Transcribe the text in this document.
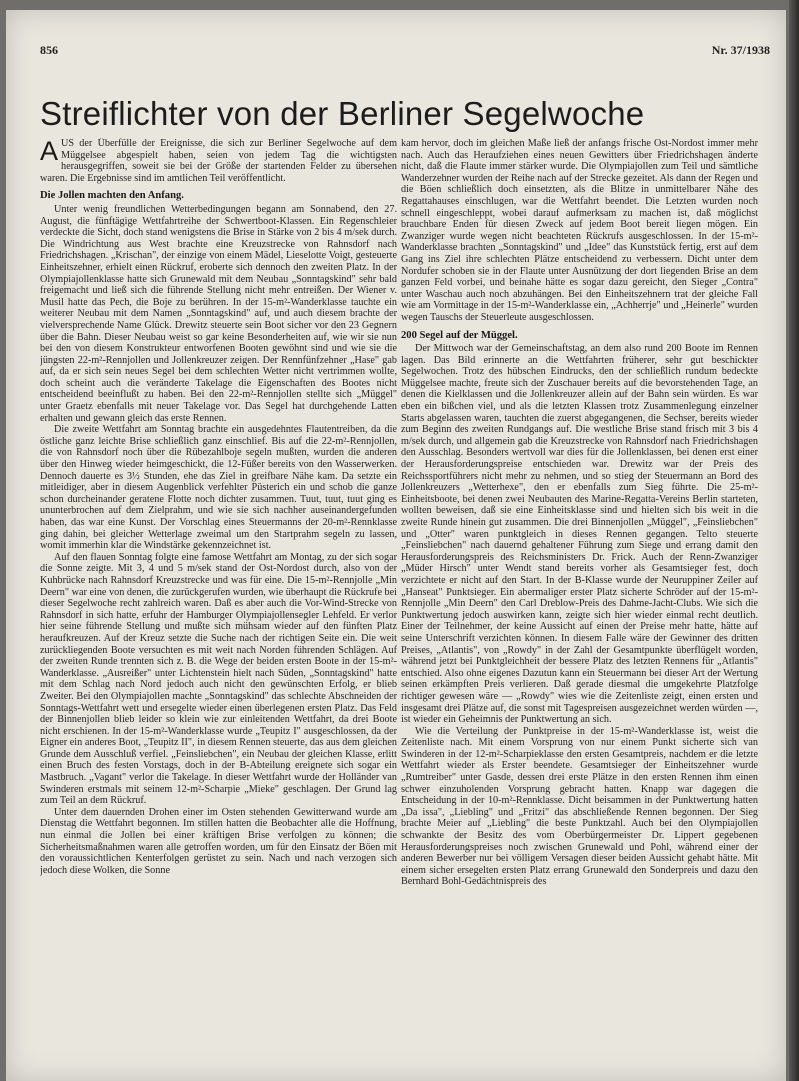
856	Nr. 37/1938
Streiflichter von der Berliner Segelwoche

AUS der Überfülle der Ereignisse, die sich zur Berliner Segelwoche auf dem Müggelsee abgespielt haben, seien von jedem Tag die wichtigsten herausgegriffen, soweit sie bei der Größe der startenden Felder zu übersehen waren. Die Ergebnisse sind im amtlichen Teil veröffentlicht.

Die Jollen machten den Anfang.

Unter wenig freundlichen Wetterbedingungen begann am Sonnabend, den 27. August, die fünftägige Wettfahrtreihe der Schwertboot-Klassen. Ein Regenschleier verdeckte die Sicht, doch stand wenigstens die Brise in Stärke von 2 bis 4 m/sek durch. Die Windrichtung aus West brachte eine Kreuzstrecke von Rahnsdorf nach Friedrichshagen. „Krischan", der einzige von einem Mädel, Lieselotte Voigt, gesteuerte Einheitszehner, erhielt einen Rückruf, eroberte sich dennoch den zweiten Platz. In der Olympiajollenklasse hatte sich Grunewald mit dem Neubau „Sonntagskind" sehr bald freigemacht und ließ sich die führende Stellung nicht mehr entreißen. Der Wiener v. Musil hatte das Pech, die Boje zu berühren. In der 15-m²-Wanderklasse tauchte ein weiterer Neubau mit dem Namen „Sonntagskind" auf, und auch diesem brachte der vielversprechende Name Glück. Drewitz steuerte sein Boot sicher vor den 23 Gegnern über die Bahn. Dieser Neubau weist so gar keine Besonderheiten auf, wie wir sie nun bei den von diesem Konstrukteur entworfenen Booten gewöhnt sind und wie sie die jüngsten 22-m²-Rennjollen und Jollenkreuzer zeigen. Der Rennfünfzehner „Hase" gab auf, da er sich sein neues Segel bei dem schlechten Wetter nicht vertrimmen wollte, doch scheint auch die veränderte Takelage die Eigenschaften des Bootes nicht entscheidend beeinflußt zu haben. Bei den 22-m²-Rennjollen stellte sich „Müggel" unter Graetz ebenfalls mit neuer Takelage vor. Das Segel hat durchgehende Latten erhalten und gewann gleich das erste Rennen.

Die zweite Wettfahrt am Sonntag brachte ein ausgedehntes Flautentreiben, da die östliche ganz leichte Brise schließlich ganz einschlief. Bis auf die 22-m²-Rennjollen, die von Rahnsdorf noch über die Rübezahlboje segeln mußten, wurden die anderen über den Hinweg wieder heimgeschickt, die 12-Füßer bereits von den Wasserwerken. Dennoch dauerte es 3½ Stunden, ehe das Ziel in greifbare Nähe kam. Da setzte ein mitleidiger, aber in diesem Augenblick verfehlter Püsterich ein und schob die ganze schon durcheinander geratene Flotte noch dichter zusammen. Tuut, tuut, tuut ging es ununterbrochen auf dem Zielprahm, und wie sie sich nachher auseinandergefunden haben, das war eine Kunst. Der Vorschlag eines Steuermanns der 20-m²-Rennklasse ging dahin, bei gleicher Wetterlage zweimal um den Startprahm segeln zu lassen, womit immerhin klar die Windstärke gekennzeichnet ist.

Auf den flauen Sonntag folgte eine famose Wettfahrt am Montag, zu der sich sogar die Sonne zeigte. Mit 3, 4 und 5 m/sek stand der Ost-Nordost durch, also von der Kuhbrücke nach Rahnsdorf Kreuzstrecke und was für eine. Die 15-m²-Rennjolle „Min Deern" war eine von denen, die zurückgerufen wurden, wie überhaupt die Rückrufe bei dieser Segelwoche recht zahlreich waren. Daß es aber auch die Vor-Wind-Strecke von Rahnsdorf in sich hatte, erfuhr der Hamburger Olympiajollensegler Lehfeld. Er verlor hier seine führende Stellung und mußte sich mühsam wieder auf den fünften Platz heraufkreuzen. Auf der Kreuz setzte die Suche nach der richtigen Seite ein. Die weit zurückliegenden Boote versuchten es mit weit nach Norden führenden Schlägen. Auf der zweiten Runde trennten sich z. B. die Wege der beiden ersten Boote in der 15-m²-Wanderklasse. „Ausreißer" unter Lichtenstein hielt nach Süden, „Sonntagskind" hatte mit dem Schlag nach Nord jedoch auch nicht den gewünschten Erfolg, er blieb Zweiter. Bei den Olympiajollen machte „Sonntagskind" das schlechte Abschneiden der Sonntags-Wettfahrt wett und ersegelte wieder einen überlegenen ersten Platz. Das Feld der Binnenjollen blieb leider so klein wie zur einleitenden Wettfahrt, da drei Boote nicht erschienen. In der 15-m²-Wanderklasse wurde „Teupitz I" ausgeschlossen, da der Eigner ein anderes Boot, „Teupitz II", in diesem Rennen steuerte, das aus dem gleichen Grunde dem Ausschluß verfiel. „Feinsliebchen", ein Neubau der gleichen Klasse, erlitt einen Bruch des festen Vorstags, doch in der B-Abteilung ereignete sich sogar ein Mastbruch. „Vagant" verlor die Takelage. In dieser Wettfahrt wurde der Holländer van Swinderen erstmals mit seinem 12-m²-Scharpie „Mieke" geschlagen. Der Grund lag zum Teil an dem Rückruf.

Unter dem dauernden Drohen einer im Osten stehenden Gewitterwand wurde am Dienstag die Wettfahrt begonnen. Im stillen hatten die Beobachter alle die Hoffnung, nun einmal die Jollen bei einer kräftigen Brise verfolgen zu können; die Sicherheitsmaßnahmen waren alle getroffen worden, um für den Einsatz der Böen mit den voraussichtlichen Kenterfolgen gerüstet zu sein. Nach und nach verzogen sich jedoch diese Wolken, die Sonne

kam hervor, doch im gleichen Maße ließ der anfangs frische Ost-Nordost immer mehr nach. Auch das Heraufziehen eines neuen Gewitters über Friedrichshagen änderte nicht, daß die Flaute immer stärker wurde. Die Olympiajollen zum Teil und sämtliche Wanderzehner wurden der Reihe nach auf der Strecke gezeitet. Als dann der Regen und die Böen schließlich doch einsetzten, als die Blitze in unmittelbarer Nähe des Regattahauses einschlugen, war die Wettfahrt beendet. Die Letzten wurden noch schnell eingeschleppt, wobei darauf aufmerksam zu machen ist, daß möglichst brauchbare Enden für diesen Zweck auf jedem Boot bereit liegen mögen. Ein Zwanziger wurde wegen nicht beachteten Rückrufs ausgeschlossen. In der 15-m²-Wanderklasse brachten „Sonntagskind" und „Idee" das Kunststück fertig, erst auf dem Gang ins Ziel ihre schlechten Plätze entscheidend zu verbessern. Dicht unter dem Nordufer schoben sie in der Flaute unter Ausnützung der dort liegenden Brise an dem ganzen Feld vorbei, und beinahe hätte es sogar dazu gereicht, den Sieger „Contra" unter Waschau auch noch abzuhängen. Bei den Einheitszehnern trat der gleiche Fall wie am Vormittage in der 15-m²-Wanderklasse ein, „Achherrje" und „Heinerle" wurden wegen Tauschs der Steuerleute ausgeschlossen.

200 Segel auf der Müggel.

Der Mittwoch war der Gemeinschaftstag, an dem also rund 200 Boote im Rennen lagen. Das Bild erinnerte an die Wettfahrten früherer, sehr gut beschickter Segelwochen. Trotz des hübschen Eindrucks, den der schließlich rundum bedeckte Müggelsee machte, freute sich der Zuschauer bereits auf die bevorstehenden Tage, an denen die Kielklassen und die Jollenkreuzer allein auf der Bahn sein würden. Es war eben ein bißchen viel, und als die letzten Klassen trotz Zusammenlegung einzelner Starts abgelassen waren, tauchten die zuerst abgegangenen, die Sechser, bereits wieder zum Beginn des zweiten Rundgangs auf. Die westliche Brise stand frisch mit 3 bis 4 m/sek durch, und allgemein gab die Kreuzstrecke von Rahnsdorf nach Friedrichshagen den Ausschlag. Besonders wertvoll war dies für die Jollenklassen, bei denen erst einer der Herausforderungspreise entschieden war. Drewitz war der Preis des Reichssportführers nicht mehr zu nehmen, und so stieg der Steuermann an Bord des Jollenkreuzers „Wetterhexe", den er ebenfalls zum Sieg führte. Die 25-m²-Einheitsboote, bei denen zwei Neubauten des Marine-Regatta-Vereins Berlin starteten, wollten beweisen, daß sie eine Einheitsklasse sind und hielten sich bis weit in die zweite Runde hinein gut zusammen. Die drei Binnenjollen „Müggel", „Feinsliebchen" und „Otter" waren punktgleich in dieses Rennen gegangen. Telto steuerte „Feinsliebchen" nach dauernd gehaltener Führung zum Siege und errang damit den Herausforderungspreis des Reichsministers Dr. Frick. Auch der Renn-Zwanziger „Müder Hirsch" unter Wendt stand bereits vorher als Gesamtsieger fest, doch verzichtete er nicht auf den Start. In der B-Klasse wurde der Neuruppiner Zeiler auf „Hanseat" Punktsieger. Ein abermaliger erster Platz sicherte Schröder auf der 15-m²-Rennjolle „Min Deern" den Carl Dreblow-Preis des Dahme-Jacht-Clubs. Wie sich die Punktwertung jedoch auswirken kann, zeigte sich hier wieder einmal recht deutlich. Einer der Teilnehmer, der keine Aussicht auf einen der Preise mehr hatte, hätte auf seine Unterschrift verzichten können. In diesem Falle wäre der Gewinner des dritten Preises, „Atlantis", von „Rowdy" in der Zahl der Gesamtpunkte überflügelt worden, während jetzt bei Punktgleichheit der bessere Platz des letzten Rennens für „Atlantis" entschied. Also ohne eigenes Dazutun kann ein Steuermann bei dieser Art der Wertung seinen erkämpften Preis verlieren. Daß gerade diesmal die umgekehrte Platzfolge richtiger gewesen wäre — „Rowdy" wies wie die Zeitenliste zeigt, einen ersten und insgesamt drei Plätze auf, die sonst mit Tagespreisen ausgezeichnet werden würden —, ist wieder ein Geheimnis der Punktwertung an sich.

Wie die Verteilung der Punktpreise in der 15-m²-Wanderklasse ist, weist die Zeitenliste nach. Mit einem Vorsprung von nur einem Punkt sicherte sich van Swinderen in der 12-m²-Scharpieklasse den ersten Gesamtpreis, nachdem er die letzte Wettfahrt wieder als Erster beendete. Gesamtsieger der Einheitszehner wurde „Rumtreiber" unter Gasde, dessen drei erste Plätze in den ersten Rennen ihm einen schwer einzuholenden Vorsprung gebracht hatten. Knapp war dagegen die Entscheidung in der 10-m²-Rennklasse. Dicht beisammen in der Punktwertung hatten „Da issa", „Liebling" und „Fritzi" das abschließende Rennen begonnen. Der Sieg brachte Meier auf „Liebling" die beste Punktzahl. Auch bei den Olympiajollen schwankte der Besitz des vom Oberbürgermeister Dr. Lippert gegebenen Herausforderungspreises noch zwischen Grunewald und Pohl, während einer der anderen Bewerber nur bei völligem Versagen dieser beiden Aussicht gehabt hätte. Mit einem sicher ersegelten ersten Platz errang Grunewald den Sonderpreis und dazu den Bernhard Bohl-Gedächtnispreis des
